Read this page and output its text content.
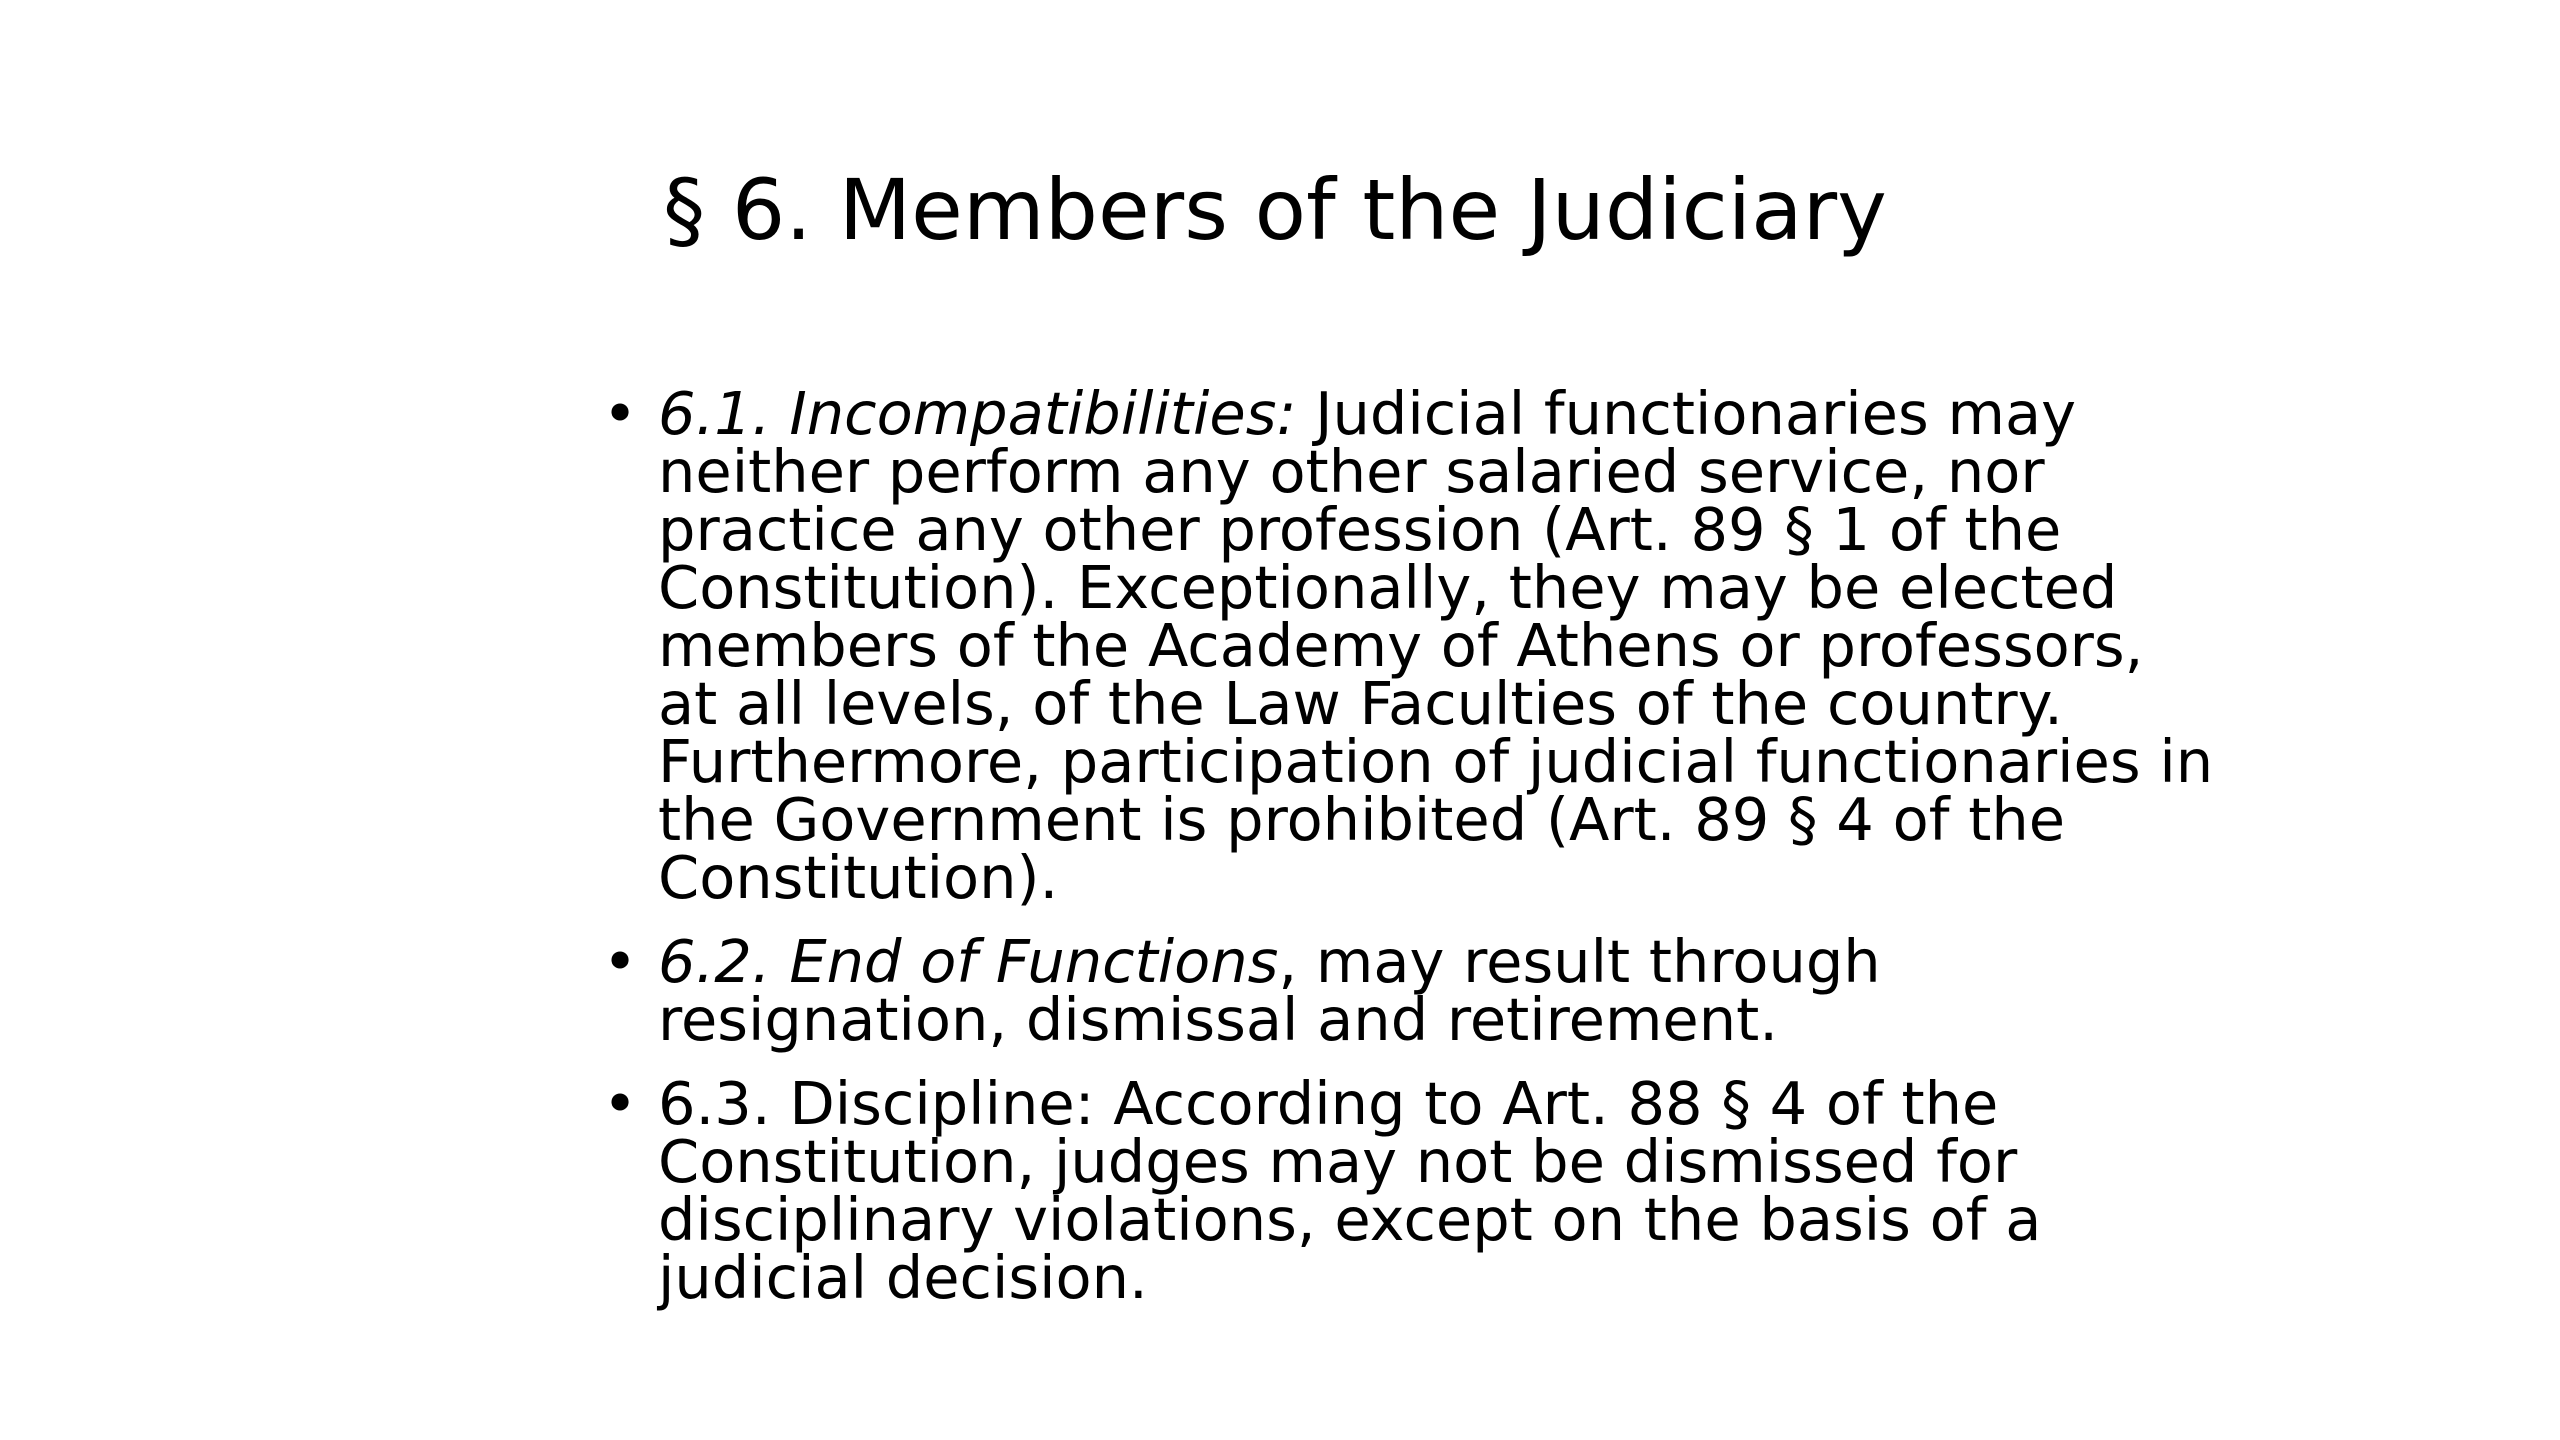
§ 6. Members of the Judiciary
• 6.1. Incompatibilities: Judicial functionaries may neither perform any other salaried service, nor practice any other profession (Art. 89 § 1 of the Constitution). Exceptionally, they may be elected members of the Academy of Athens or professors, at all levels, of the Law Faculties of the country. Furthermore, participation of judicial functionaries in the Government is prohibited (Art. 89 § 4 of the Constitution).
• 6.2. End of Functions, may result through resignation, dismissal and retirement.
• 6.3. Discipline: According to Art. 88 § 4 of the Constitution, judges may not be dismissed for disciplinary violations, except on the basis of a judicial decision.
